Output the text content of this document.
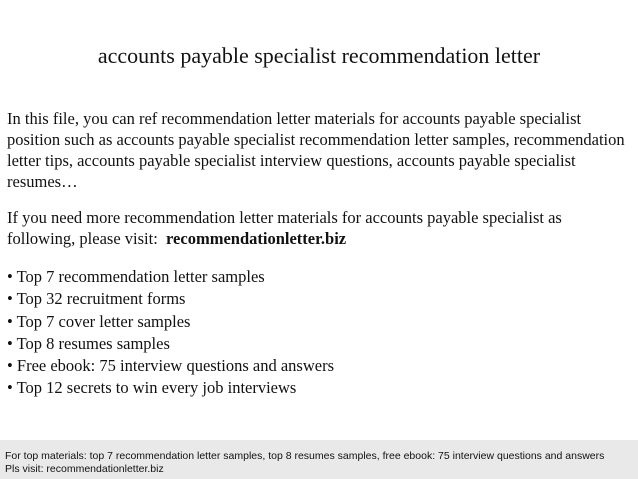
accounts payable specialist recommendation letter
In this file, you can ref recommendation letter materials for accounts payable specialist position such as accounts payable specialist recommendation letter samples, recommendation letter tips, accounts payable specialist interview questions, accounts payable specialist resumes…
If you need more recommendation letter materials for accounts payable specialist as following, please visit: recommendationletter.biz
• Top 7 recommendation letter samples
• Top 32 recruitment forms
• Top 7 cover letter samples
• Top 8 resumes samples
• Free ebook: 75 interview questions and answers
• Top 12 secrets to win every job interviews
For top materials: top 7 recommendation letter samples, top 8 resumes samples, free ebook: 75 interview questions and answers
Pls visit: recommendationletter.biz
